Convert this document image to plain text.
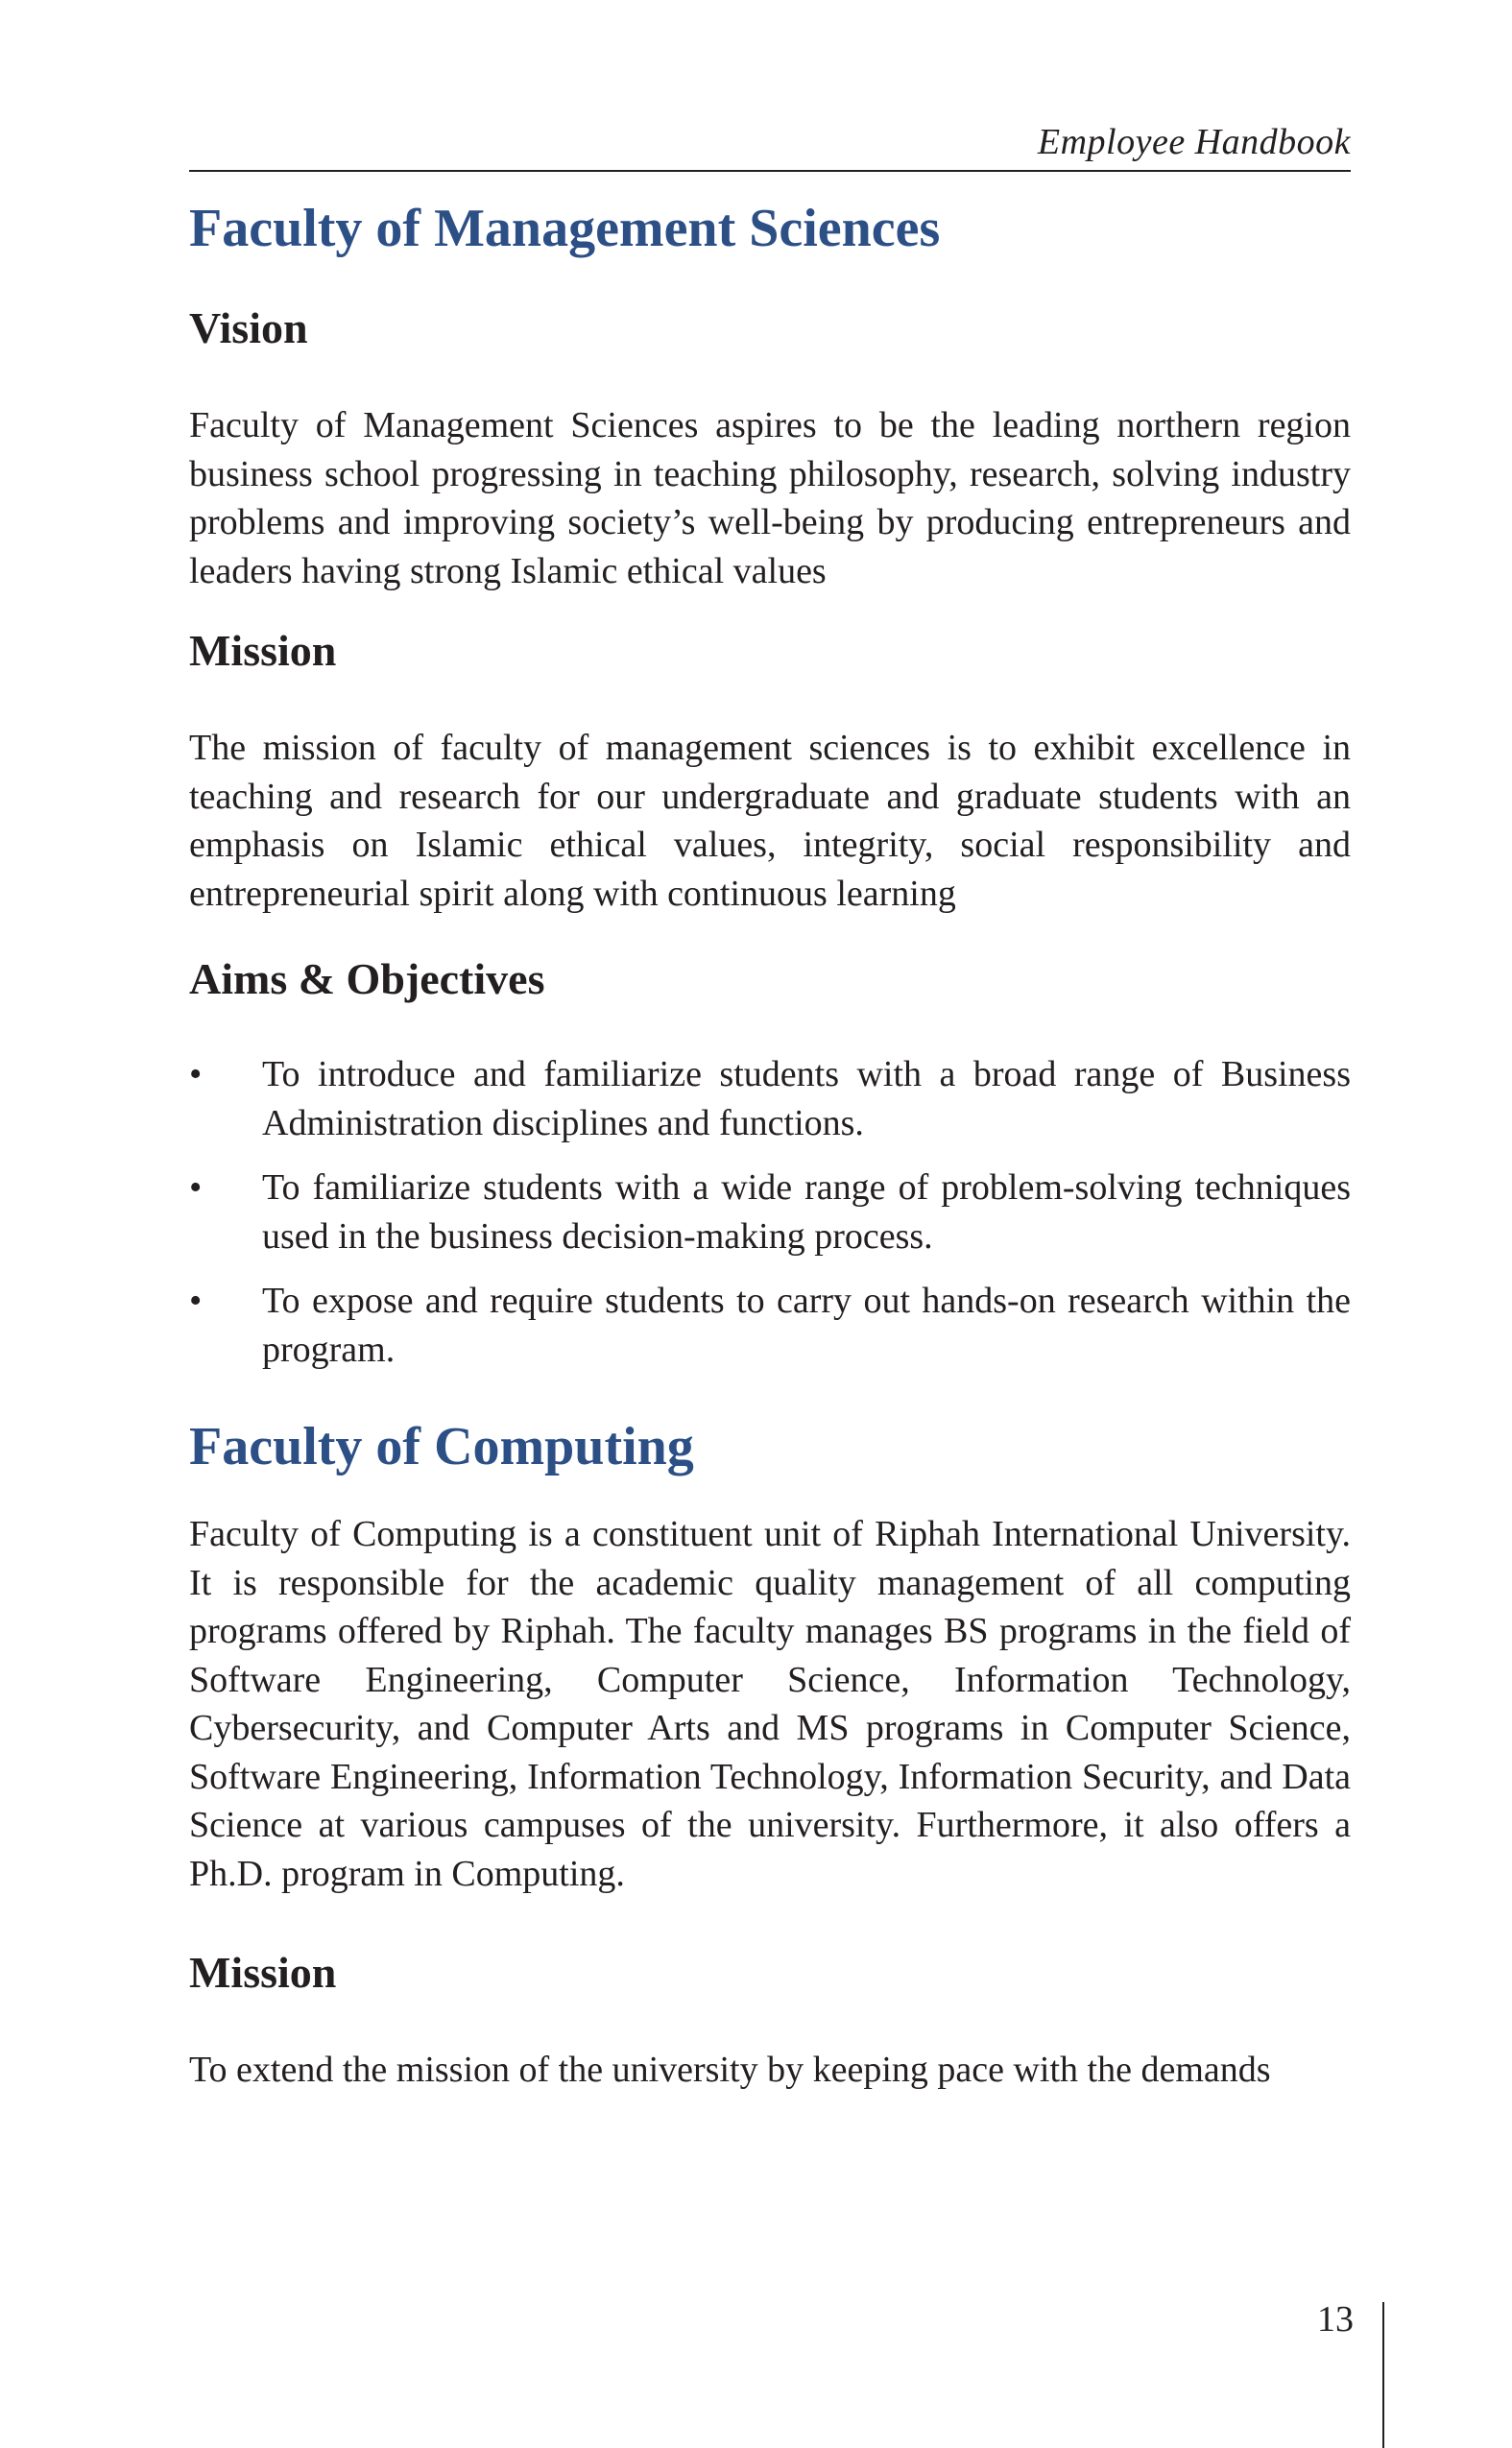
Employee Handbook
Faculty of Management Sciences
Vision

Faculty of Management Sciences aspires to be the leading northern region business school progressing in teaching philosophy, research, solving industry problems and improving society’s well-being by producing entrepreneurs and leaders having strong Islamic ethical values

Mission

The mission of faculty of management sciences is to exhibit excellence in teaching and research for our undergraduate and graduate students with an emphasis on Islamic ethical values, integrity, social responsibility and entrepreneurial spirit along with continuous learning

Aims & Objectives
• To introduce and familiarize students with a broad range of Business Administration disciplines and functions.
• To familiarize students with a wide range of problem-solving techniques used in the business decision-making process.
• To expose and require students to carry out hands-on research within the program.
Faculty of Computing

Faculty of Computing is a constituent unit of Riphah International University. It is responsible for the academic quality management of all computing programs offered by Riphah. The faculty manages BS programs in the field of Software Engineering, Computer Science, Information Technology, Cybersecurity, and Computer Arts and MS programs in Computer Science, Software Engineering, Information Technology, Information Security, and Data Science at various campuses of the university. Furthermore, it also offers a Ph.D. program in Computing.

Mission

To extend the mission of the university by keeping pace with the demands

13
